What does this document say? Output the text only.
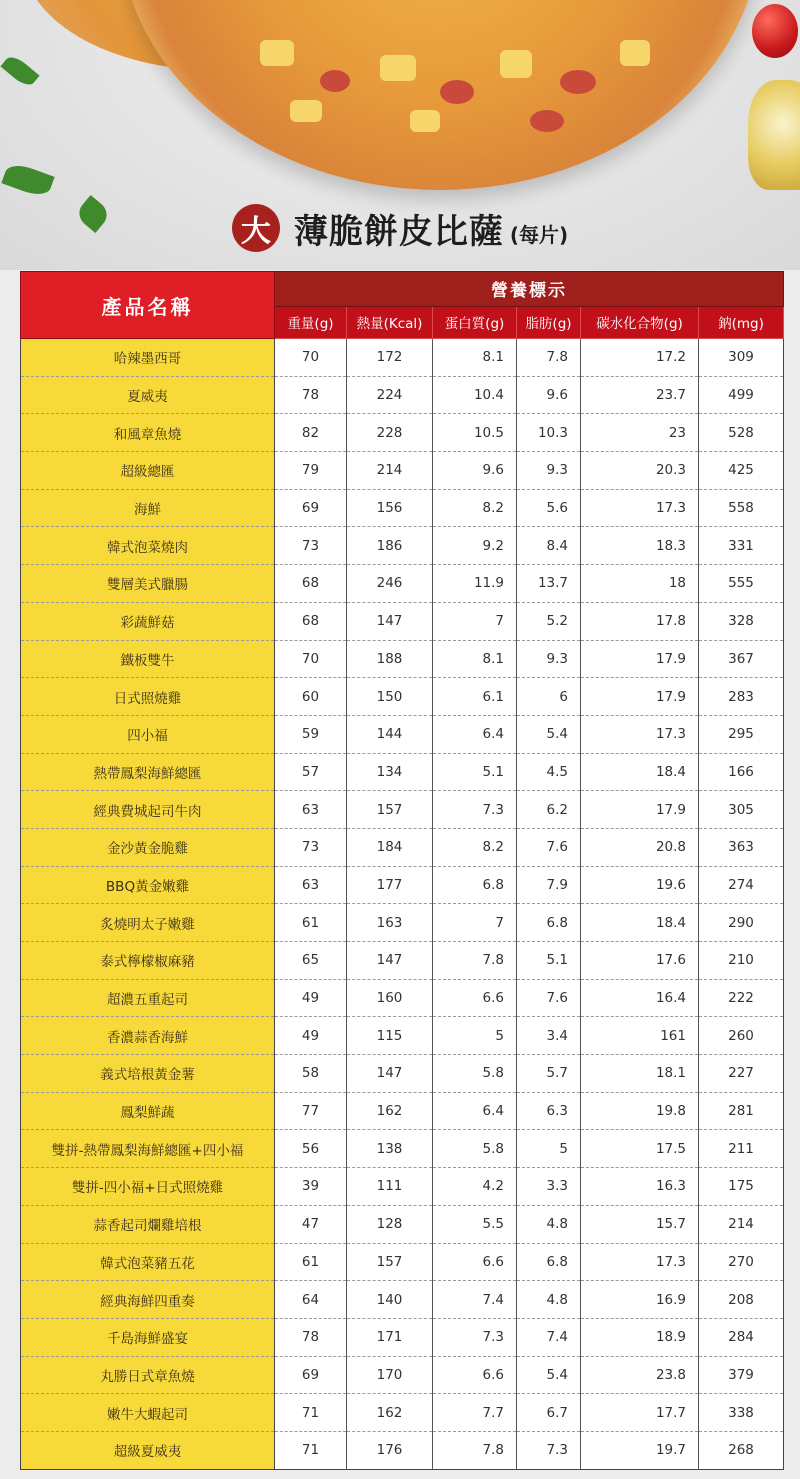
大 薄脆餅皮比薩 (每片)
產品名稱	營養標示					
	重量(g)	熱量(Kcal)	蛋白質(g)	脂肪(g)	碳水化合物(g)	鈉(mg)
哈辣墨西哥	70	172	8.1	7.8	17.2	309
夏威夷	78	224	10.4	9.6	23.7	499
和風章魚燒	82	228	10.5	10.3	23	528
超級總匯	79	214	9.6	9.3	20.3	425
海鮮	69	156	8.2	5.6	17.3	558
韓式泡菜燒肉	73	186	9.2	8.4	18.3	331
雙層美式臘腸	68	246	11.9	13.7	18	555
彩蔬鮮菇	68	147	7	5.2	17.8	328
鐵板雙牛	70	188	8.1	9.3	17.9	367
日式照燒雞	60	150	6.1	6	17.9	283
四小福	59	144	6.4	5.4	17.3	295
熱帶鳳梨海鮮總匯	57	134	5.1	4.5	18.4	166
經典費城起司牛肉	63	157	7.3	6.2	17.9	305
金沙黃金脆雞	73	184	8.2	7.6	20.8	363
BBQ黃金嫩雞	63	177	6.8	7.9	19.6	274
炙燒明太子嫩雞	61	163	7	6.8	18.4	290
泰式檸檬椒麻豬	65	147	7.8	5.1	17.6	210
超濃五重起司	49	160	6.6	7.6	16.4	222
香濃蒜香海鮮	49	115	5	3.4	161	260
義式培根黃金薯	58	147	5.8	5.7	18.1	227
鳳梨鮮蔬	77	162	6.4	6.3	19.8	281
雙拼-熱帶鳳梨海鮮總匯+四小福	56	138	5.8	5	17.5	211
雙拼-四小福+日式照燒雞	39	111	4.2	3.3	16.3	175
蒜香起司爛雞培根	47	128	5.5	4.8	15.7	214
韓式泡菜豬五花	61	157	6.6	6.8	17.3	270
經典海鮮四重奏	64	140	7.4	4.8	16.9	208
千島海鮮盛宴	78	171	7.3	7.4	18.9	284
丸勝日式章魚燒	69	170	6.6	5.4	23.8	379
嫩牛大蝦起司	71	162	7.7	6.7	17.7	338
超級夏威夷	71	176	7.8	7.3	19.7	268
